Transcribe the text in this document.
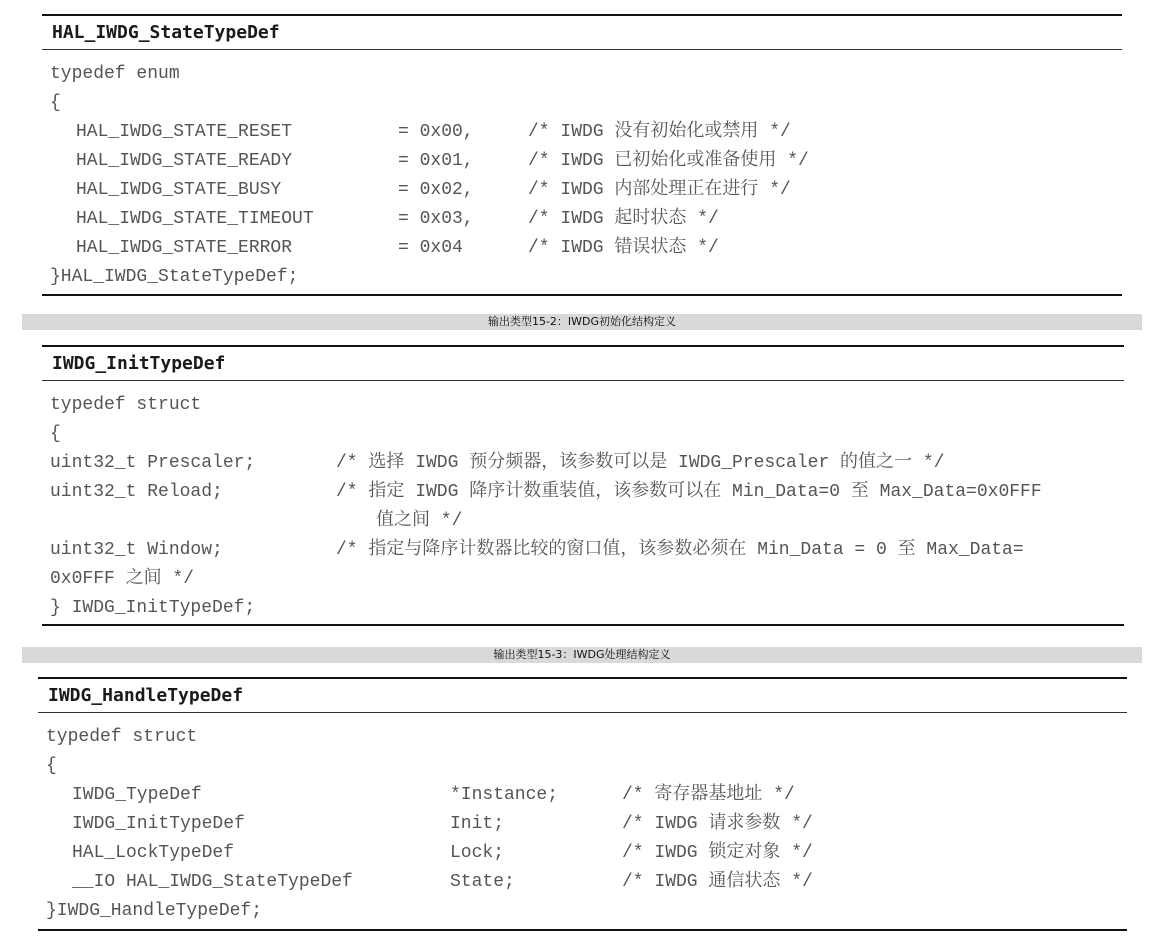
HAL_IWDG_StateTypeDef
typedef enum
{
HAL_IWDG_STATE_RESET	= 0x00,	/* IWDG 没有初始化或禁用 */
HAL_IWDG_STATE_READY	= 0x01,	/* IWDG 已初始化或准备使用 */
HAL_IWDG_STATE_BUSY	= 0x02,	/* IWDG 内部处理正在进行 */
HAL_IWDG_STATE_TIMEOUT	= 0x03,	/* IWDG 起时状态 */
HAL_IWDG_STATE_ERROR	= 0x04	/* IWDG 错误状态 */
}HAL_IWDG_StateTypeDef;
输出类型15-2：IWDG初始化结构定义
IWDG_InitTypeDef
typedef struct
{
uint32_t Prescaler;	/* 选择 IWDG 预分频器，该参数可以是 IWDG_Prescaler 的值之一 */
uint32_t Reload;	/* 指定 IWDG 降序计数重装值，该参数可以在 Min_Data=0 至 Max_Data=0x0FFF
值之间 */
uint32_t Window;	/* 指定与降序计数器比较的窗口值，该参数必须在 Min_Data = 0 至 Max_Data=
0x0FFF 之间 */
} IWDG_InitTypeDef;
输出类型15-3：IWDG处理结构定义
IWDG_HandleTypeDef
typedef struct
{
IWDG_TypeDef	*Instance;	/* 寄存器基地址 */
IWDG_InitTypeDef	Init;	/* IWDG 请求参数 */
HAL_LockTypeDef	Lock;	/* IWDG 锁定对象 */
__IO HAL_IWDG_StateTypeDef	State;	/* IWDG 通信状态 */
}IWDG_HandleTypeDef;
